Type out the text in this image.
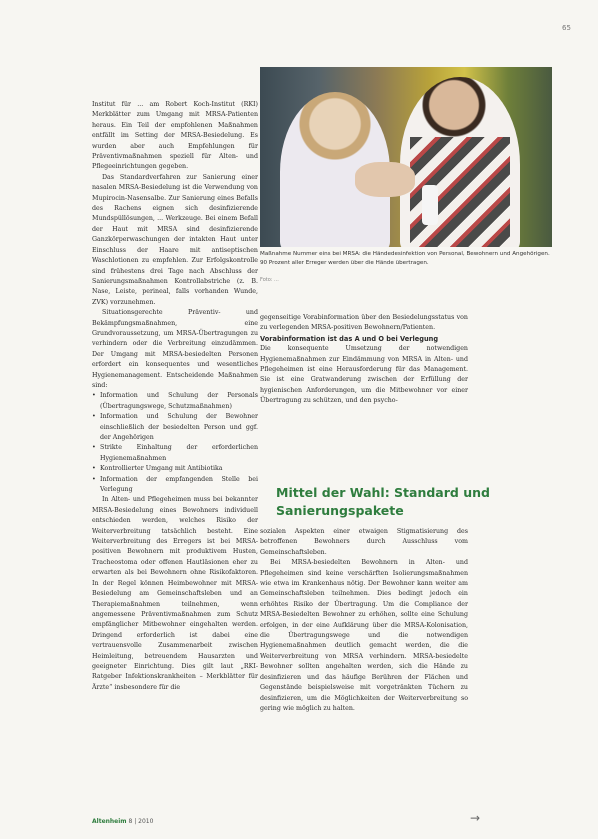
65

Institut für ... am Robert Koch-Institut (RKI) Merkblätter zum Umgang mit MRSA-Patienten heraus. Ein Teil der empfohlenen Maßnahmen entfällt im Setting der MRSA-Besiedelung. Es wurden aber auch Empfehlungen für Präventivmaßnahmen speziell für Alten- und Pflegeeinrichtungen gegeben.

Das Standardverfahren zur Sanierung einer nasalen MRSA-Besiedelung ist die Verwendung von Mupirocin-Nasensalbe. Zur Sanierung eines Befalls des Rachens eignen sich desinfizierende Mundspüllösungen, ... Werkzeuge. Bei einem Befall der Haut mit MRSA sind desinfizierende Ganzkörperwaschungen der intakten Haut unter Einschluss der Haare mit antiseptischen Waschlotionen zu empfehlen. Zur Erfolgskontrolle sind frühestens drei Tage nach Abschluss der Sanierungsmaßnahmen Kontrollabstriche (z. B. Nase, Leiste, perineal, falls vorhanden Wunde, ZVK) vorzunehmen.

Situationsgerechte Präventiv- und Bekämpfungsmaßnahmen, eine Grundvoraussetzung, um MRSA-Übertragungen zu verhindern oder die Verbreitung einzudämmen. Der Umgang mit MRSA-besiedelten Personen erfordert ein konsequentes und wesentliches Hygienemanagement. Entscheidende Maßnahmen sind:

• Information und Schulung der Personals (Übertragungswege, Schutzmaßnahmen)
• Information und Schulung der Bewohner einschließlich der besiedelten Person und ggf. der Angehörigen
• Strikte Einhaltung der erforderlichen Hygienemaßnahmen
• Kontrollierter Umgang mit Antibiotika
• Information der empfangenden Stelle bei Verlegung

In Alten- und Pflegeheimen muss bei bekannter MRSA-Besiedelung eines Bewohners individuell entschieden werden, welches Risiko der Weiterverbreitung tatsächlich besteht. Eine Weiterverbreitung des Erregers ist bei MRSA-positiven Bewohnern mit produktivem Husten, Tracheostoma oder offenen Hautläsionen eher zu erwarten als bei Bewohnern ohne Risikofaktoren. In der Regel können Heimbewohner mit MRSA-Besiedelung am Gemeinschaftsleben und an Therapiemaßnahmen teilnehmen, wenn angemessene Präventivmaßnahmen zum Schutz empfänglicher Mitbewohner eingehalten werden. Dringend erforderlich ist dabei eine vertrauensvolle Zusammenarbeit zwischen Heimleitung, betreuendem Hausarzten und geeigneter Einrichtung. Dies gilt laut „RKI-Ratgeber Infektionskrankheiten – Merkblätter für Ärzte“ insbesondere für die

Maßnahme Nummer eins bei MRSA: die Händedesinfektion von Personal, Bewohnern und Angehörigen. 90 Prozent aller Erreger werden über die Hände übertragen.
Foto: ...

gegenseitige Vorabinformation über den Besiedelungsstatus von zu verlegenden MRSA-positiven Bewohnern/Patienten.

Vorabinformation ist das A und O bei Verlegung

Die konsequente Umsetzung der notwendigen Hygienemaßnahmen zur Eindämmung von MRSA in Alten- und Pflegeheimen ist eine Herausforderung für das Management. Sie ist eine Gratwanderung zwischen der Erfüllung der hygienischen Anforderungen, um die Mitbewohner vor einer Übertragung zu schützen, und den psycho-

Mittel der Wahl: Standard und Sanierungspakete

sozialen Aspekten einer etwaigen Stigmatisierung des betroffenen Bewohners durch Ausschluss vom Gemeinschaftsleben.

Bei MRSA-besiedelten Bewohnern in Alten- und Pflegeheimen sind keine verschärften Isolierungsmaßnahmen wie etwa im Krankenhaus nötig. Der Bewohner kann weiter am Gemeinschaftsleben teilnehmen. Dies bedingt jedoch ein erhöhtes Risiko der Übertragung. Um die Compliance der MRSA-Besiedelten Bewohner zu erhöhen, sollte eine Schulung erfolgen, in der eine Aufklärung über die MRSA-Kolonisation, die Übertragungswege und die notwendigen Hygienemaßnahmen deutlich gemacht werden, die die Weiterverbreitung von MRSA verhindern. MRSA-besiedelte Bewohner sollten angehalten werden, sich die Hände zu desinfizieren und das häufige Berühren der Flächen und Gegenstände beispielsweise mit vorgetränkten Tüchern zu desinfizieren, um die Möglichkeiten der Weiterverbreitung so gering wie möglich zu halten.

Altenheim 8 | 2010	→
